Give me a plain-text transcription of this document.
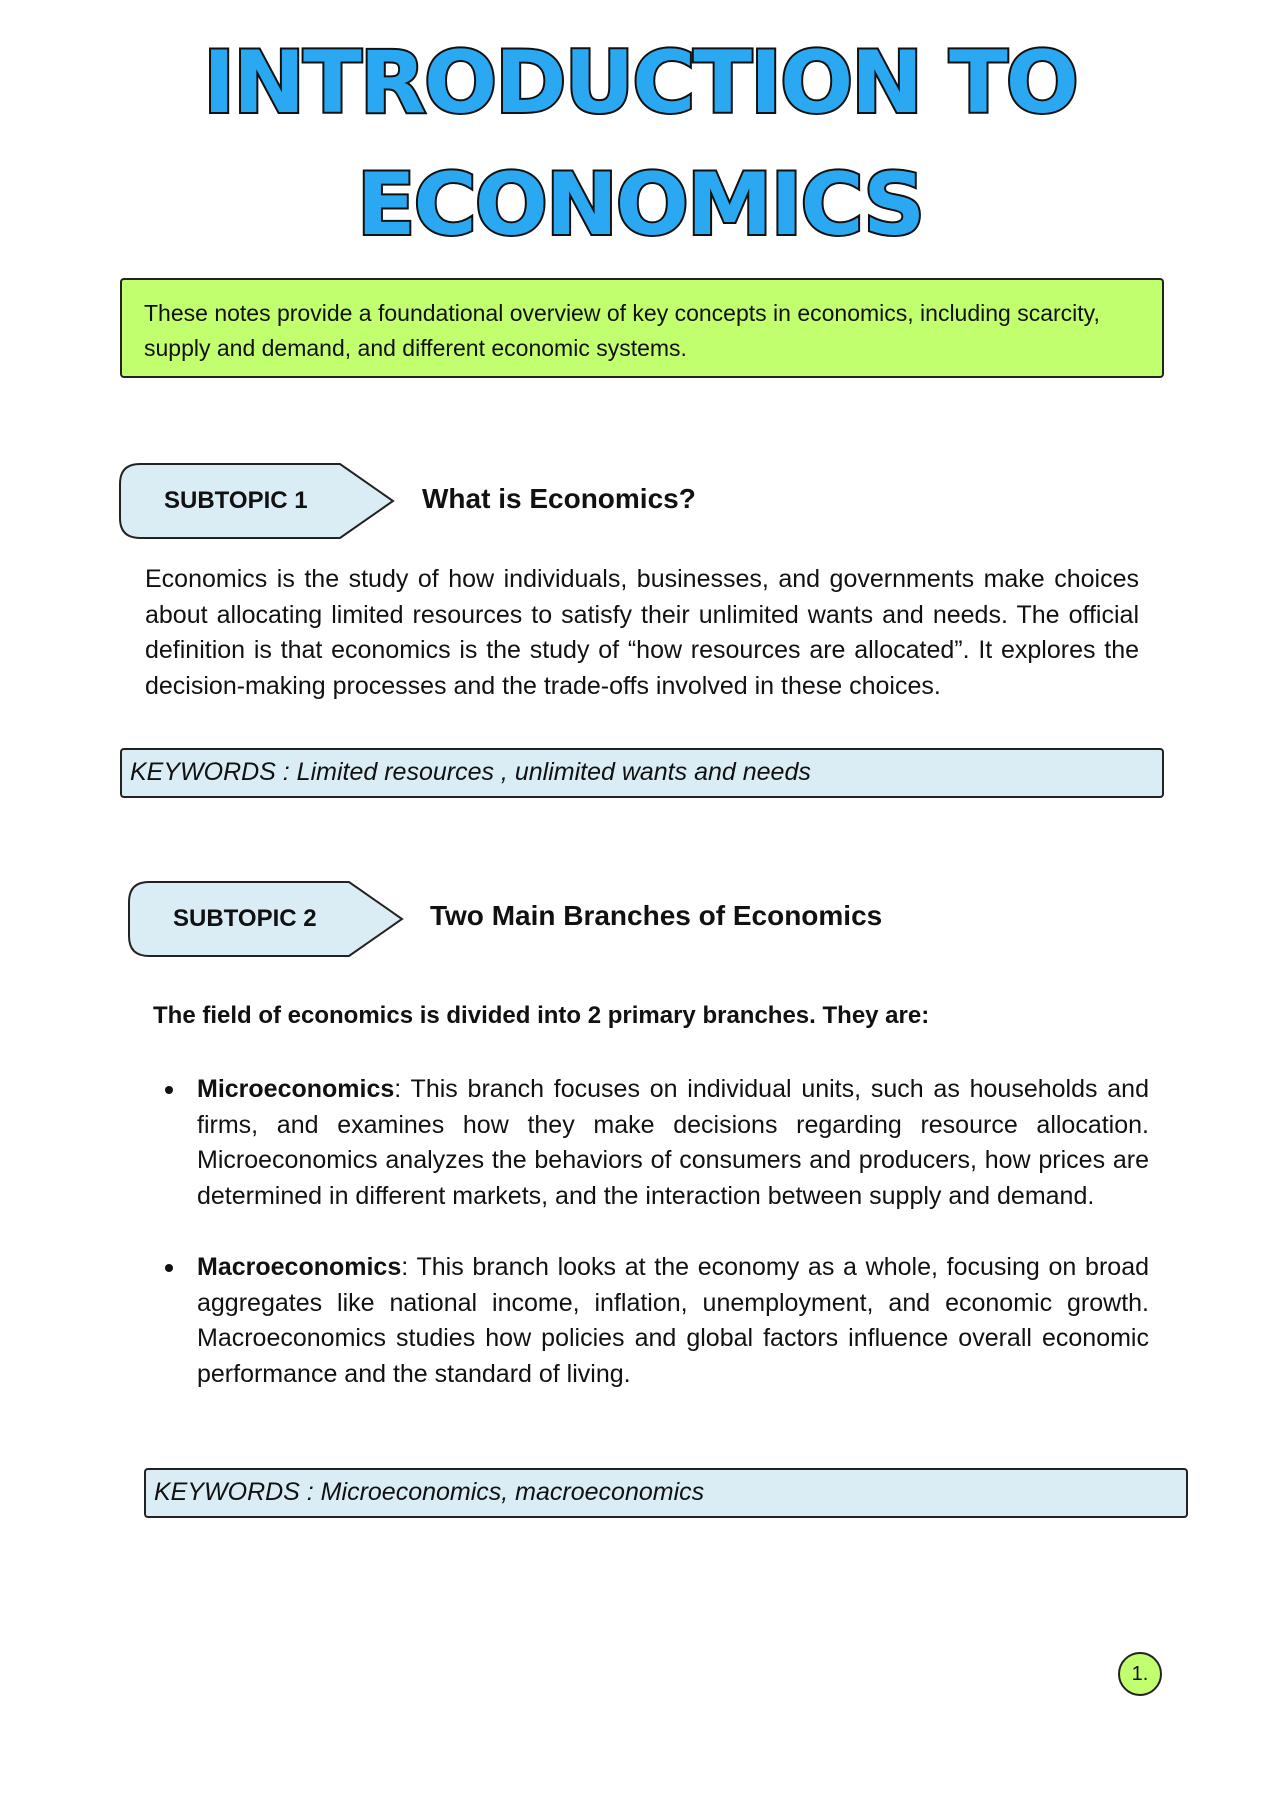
INTRODUCTION TO
ECONOMICS
These notes provide a foundational overview of key concepts in economics, including scarcity, supply and demand, and different economic systems.
SUBTOPIC 1	What is Economics?

Economics is the study of how individuals, businesses, and governments make choices about allocating limited resources to satisfy their unlimited wants and needs. The official definition is that economics is the study of “how resources are allocated”. It explores the decision-making processes and the trade-offs involved in these choices.

KEYWORDS : Limited resources , unlimited wants and needs
SUBTOPIC 2	Two Main Branches of Economics

The field of economics is divided into 2 primary branches. They are:

Microeconomics: This branch focuses on individual units, such as households and firms, and examines how they make decisions regarding resource allocation. Microeconomics analyzes the behaviors of consumers and producers, how prices are determined in different markets, and the interaction between supply and demand.
Macroeconomics: This branch looks at the economy as a whole, focusing on broad aggregates like national income, inflation, unemployment, and economic growth. Macroeconomics studies how policies and global factors influence overall economic performance and the standard of living.
KEYWORDS : Microeconomics, macroeconomics
1.
